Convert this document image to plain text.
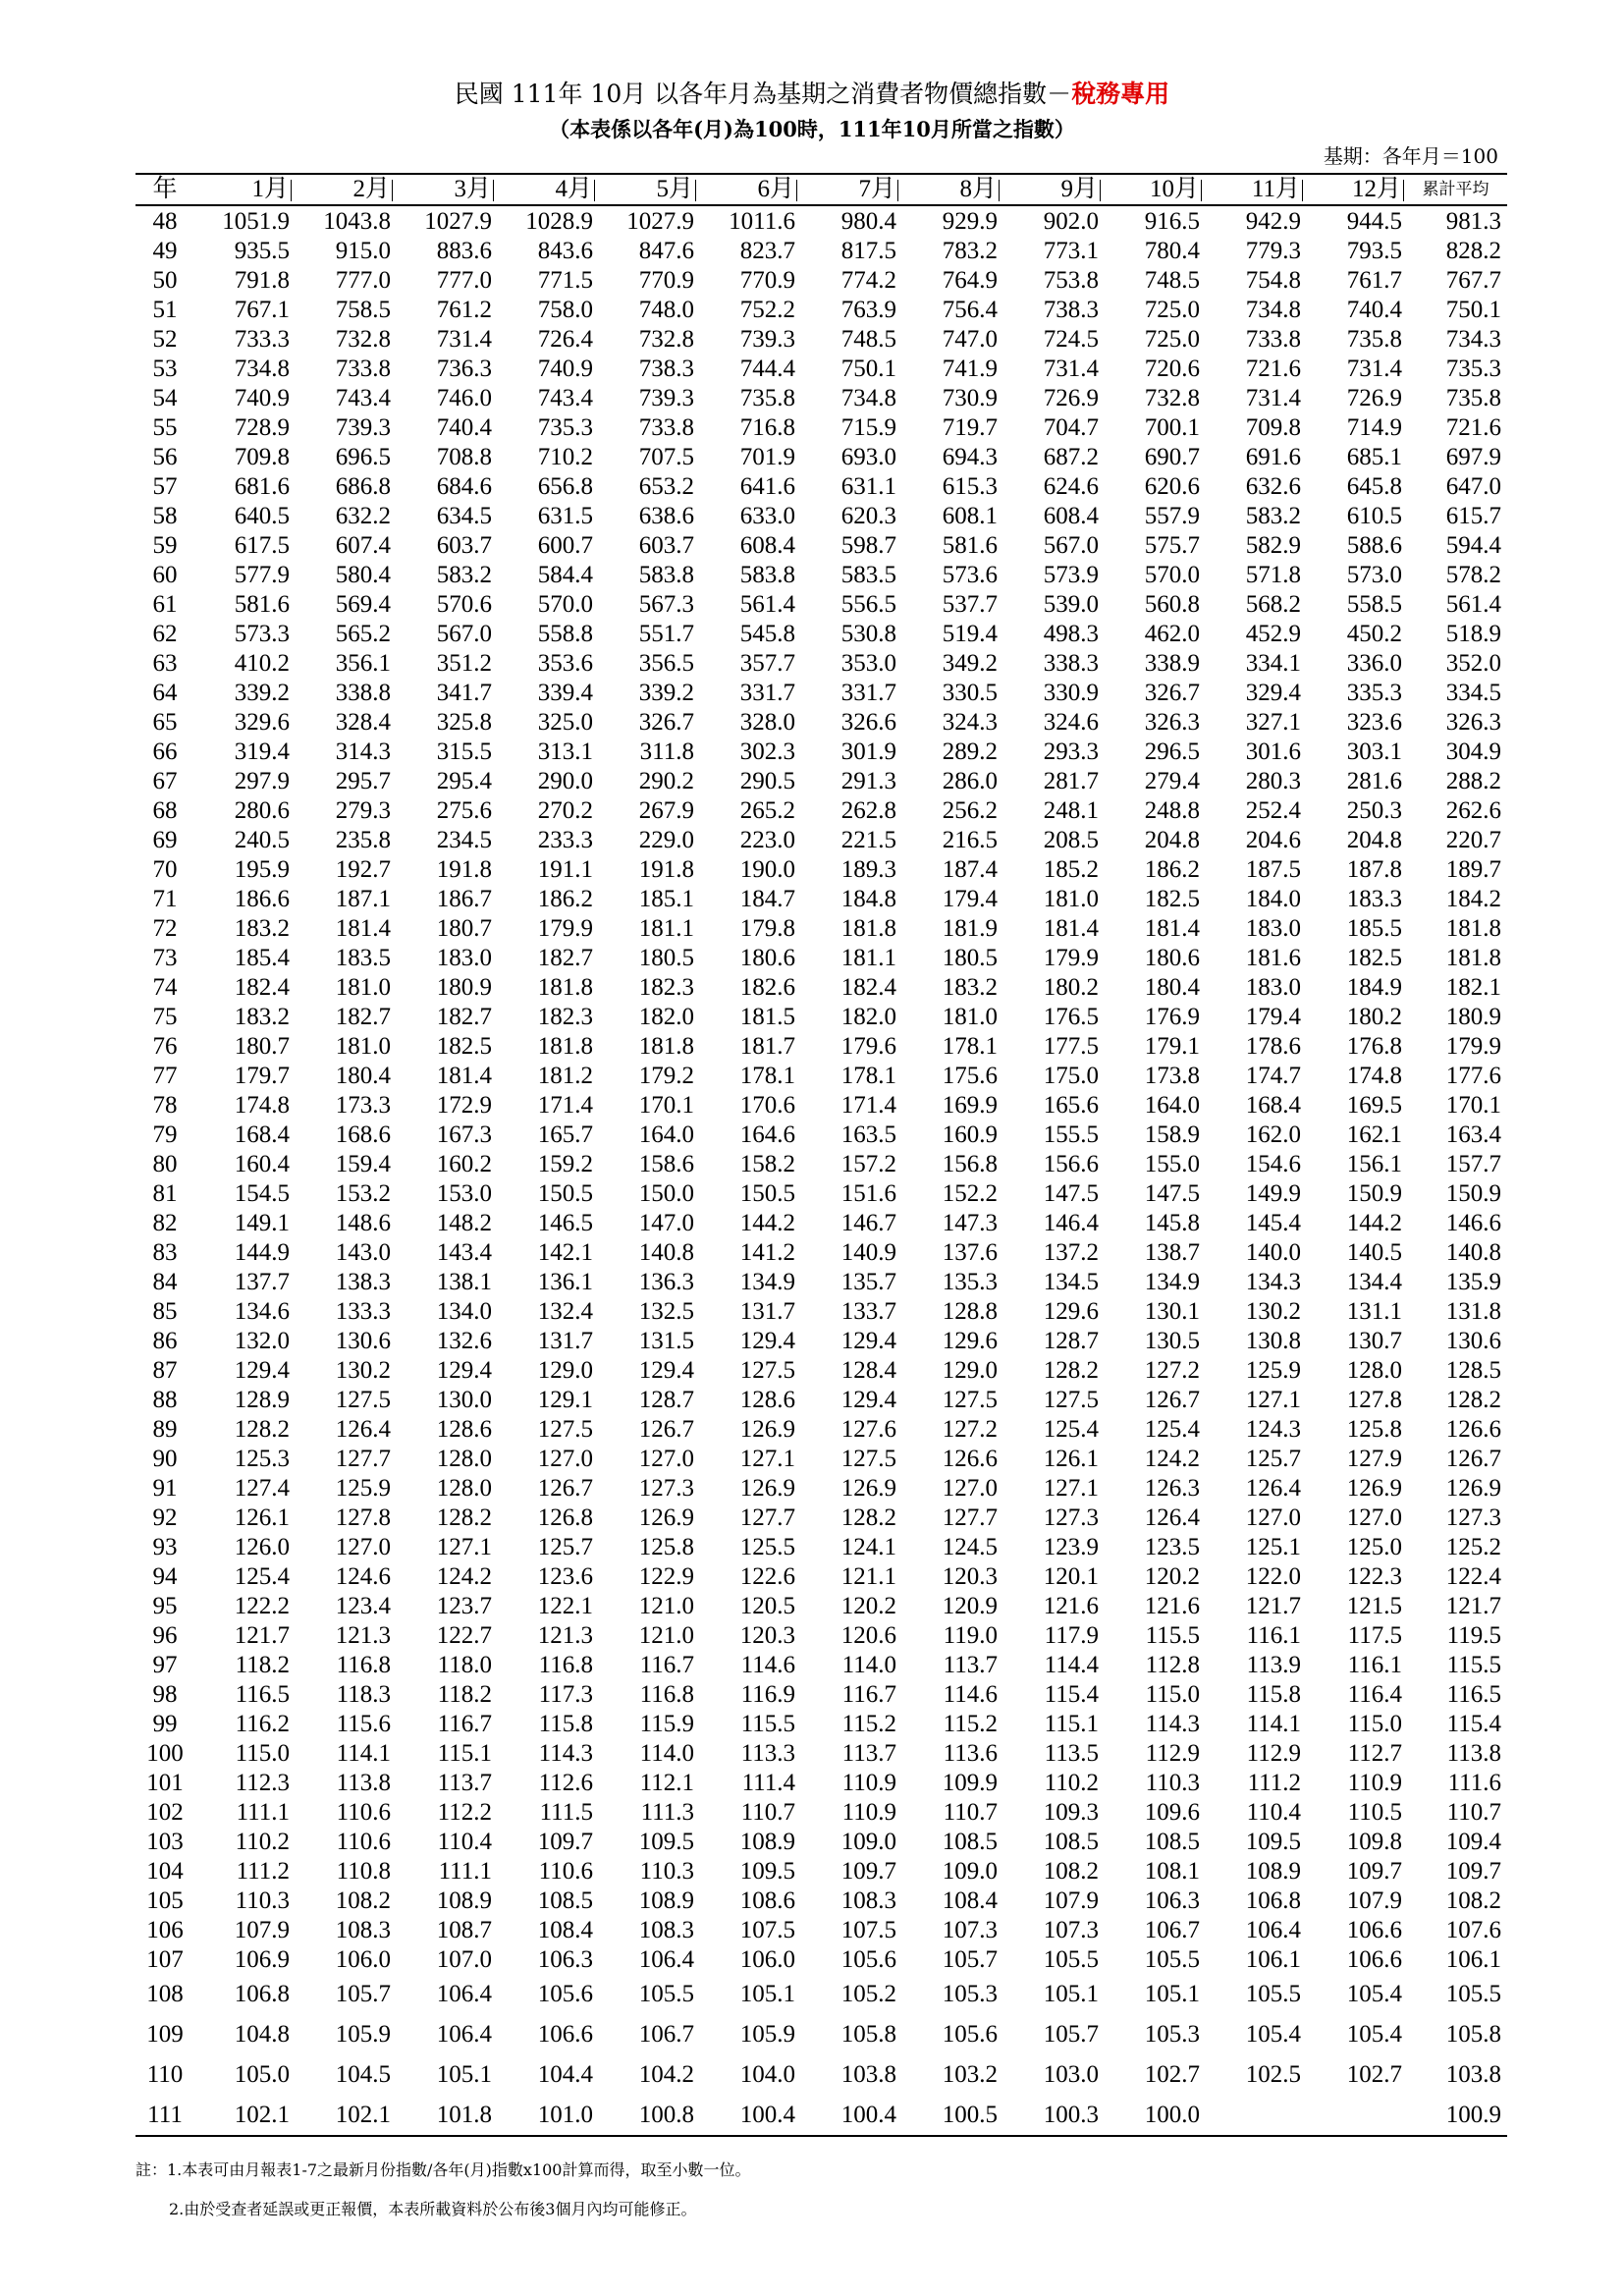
民國 111年 10月 以各年月為基期之消費者物價總指數－稅務專用
（本表係以各年(月)為100時，111年10月所當之指數）
基期：各年月＝100
年	1月	2月	3月	4月	5月	6月	7月	8月	9月	10月	11月	12月	累計平均
48	1051.9	1043.8	1027.9	1028.9	1027.9	1011.6	980.4	929.9	902.0	916.5	942.9	944.5	981.3
49	935.5	915.0	883.6	843.6	847.6	823.7	817.5	783.2	773.1	780.4	779.3	793.5	828.2
50	791.8	777.0	777.0	771.5	770.9	770.9	774.2	764.9	753.8	748.5	754.8	761.7	767.7
51	767.1	758.5	761.2	758.0	748.0	752.2	763.9	756.4	738.3	725.0	734.8	740.4	750.1
52	733.3	732.8	731.4	726.4	732.8	739.3	748.5	747.0	724.5	725.0	733.8	735.8	734.3
53	734.8	733.8	736.3	740.9	738.3	744.4	750.1	741.9	731.4	720.6	721.6	731.4	735.3
54	740.9	743.4	746.0	743.4	739.3	735.8	734.8	730.9	726.9	732.8	731.4	726.9	735.8
55	728.9	739.3	740.4	735.3	733.8	716.8	715.9	719.7	704.7	700.1	709.8	714.9	721.6
56	709.8	696.5	708.8	710.2	707.5	701.9	693.0	694.3	687.2	690.7	691.6	685.1	697.9
57	681.6	686.8	684.6	656.8	653.2	641.6	631.1	615.3	624.6	620.6	632.6	645.8	647.0
58	640.5	632.2	634.5	631.5	638.6	633.0	620.3	608.1	608.4	557.9	583.2	610.5	615.7
59	617.5	607.4	603.7	600.7	603.7	608.4	598.7	581.6	567.0	575.7	582.9	588.6	594.4
60	577.9	580.4	583.2	584.4	583.8	583.8	583.5	573.6	573.9	570.0	571.8	573.0	578.2
61	581.6	569.4	570.6	570.0	567.3	561.4	556.5	537.7	539.0	560.8	568.2	558.5	561.4
62	573.3	565.2	567.0	558.8	551.7	545.8	530.8	519.4	498.3	462.0	452.9	450.2	518.9
63	410.2	356.1	351.2	353.6	356.5	357.7	353.0	349.2	338.3	338.9	334.1	336.0	352.0
64	339.2	338.8	341.7	339.4	339.2	331.7	331.7	330.5	330.9	326.7	329.4	335.3	334.5
65	329.6	328.4	325.8	325.0	326.7	328.0	326.6	324.3	324.6	326.3	327.1	323.6	326.3
66	319.4	314.3	315.5	313.1	311.8	302.3	301.9	289.2	293.3	296.5	301.6	303.1	304.9
67	297.9	295.7	295.4	290.0	290.2	290.5	291.3	286.0	281.7	279.4	280.3	281.6	288.2
68	280.6	279.3	275.6	270.2	267.9	265.2	262.8	256.2	248.1	248.8	252.4	250.3	262.6
69	240.5	235.8	234.5	233.3	229.0	223.0	221.5	216.5	208.5	204.8	204.6	204.8	220.7
70	195.9	192.7	191.8	191.1	191.8	190.0	189.3	187.4	185.2	186.2	187.5	187.8	189.7
71	186.6	187.1	186.7	186.2	185.1	184.7	184.8	179.4	181.0	182.5	184.0	183.3	184.2
72	183.2	181.4	180.7	179.9	181.1	179.8	181.8	181.9	181.4	181.4	183.0	185.5	181.8
73	185.4	183.5	183.0	182.7	180.5	180.6	181.1	180.5	179.9	180.6	181.6	182.5	181.8
74	182.4	181.0	180.9	181.8	182.3	182.6	182.4	183.2	180.2	180.4	183.0	184.9	182.1
75	183.2	182.7	182.7	182.3	182.0	181.5	182.0	181.0	176.5	176.9	179.4	180.2	180.9
76	180.7	181.0	182.5	181.8	181.8	181.7	179.6	178.1	177.5	179.1	178.6	176.8	179.9
77	179.7	180.4	181.4	181.2	179.2	178.1	178.1	175.6	175.0	173.8	174.7	174.8	177.6
78	174.8	173.3	172.9	171.4	170.1	170.6	171.4	169.9	165.6	164.0	168.4	169.5	170.1
79	168.4	168.6	167.3	165.7	164.0	164.6	163.5	160.9	155.5	158.9	162.0	162.1	163.4
80	160.4	159.4	160.2	159.2	158.6	158.2	157.2	156.8	156.6	155.0	154.6	156.1	157.7
81	154.5	153.2	153.0	150.5	150.0	150.5	151.6	152.2	147.5	147.5	149.9	150.9	150.9
82	149.1	148.6	148.2	146.5	147.0	144.2	146.7	147.3	146.4	145.8	145.4	144.2	146.6
83	144.9	143.0	143.4	142.1	140.8	141.2	140.9	137.6	137.2	138.7	140.0	140.5	140.8
84	137.7	138.3	138.1	136.1	136.3	134.9	135.7	135.3	134.5	134.9	134.3	134.4	135.9
85	134.6	133.3	134.0	132.4	132.5	131.7	133.7	128.8	129.6	130.1	130.2	131.1	131.8
86	132.0	130.6	132.6	131.7	131.5	129.4	129.4	129.6	128.7	130.5	130.8	130.7	130.6
87	129.4	130.2	129.4	129.0	129.4	127.5	128.4	129.0	128.2	127.2	125.9	128.0	128.5
88	128.9	127.5	130.0	129.1	128.7	128.6	129.4	127.5	127.5	126.7	127.1	127.8	128.2
89	128.2	126.4	128.6	127.5	126.7	126.9	127.6	127.2	125.4	125.4	124.3	125.8	126.6
90	125.3	127.7	128.0	127.0	127.0	127.1	127.5	126.6	126.1	124.2	125.7	127.9	126.7
91	127.4	125.9	128.0	126.7	127.3	126.9	126.9	127.0	127.1	126.3	126.4	126.9	126.9
92	126.1	127.8	128.2	126.8	126.9	127.7	128.2	127.7	127.3	126.4	127.0	127.0	127.3
93	126.0	127.0	127.1	125.7	125.8	125.5	124.1	124.5	123.9	123.5	125.1	125.0	125.2
94	125.4	124.6	124.2	123.6	122.9	122.6	121.1	120.3	120.1	120.2	122.0	122.3	122.4
95	122.2	123.4	123.7	122.1	121.0	120.5	120.2	120.9	121.6	121.6	121.7	121.5	121.7
96	121.7	121.3	122.7	121.3	121.0	120.3	120.6	119.0	117.9	115.5	116.1	117.5	119.5
97	118.2	116.8	118.0	116.8	116.7	114.6	114.0	113.7	114.4	112.8	113.9	116.1	115.5
98	116.5	118.3	118.2	117.3	116.8	116.9	116.7	114.6	115.4	115.0	115.8	116.4	116.5
99	116.2	115.6	116.7	115.8	115.9	115.5	115.2	115.2	115.1	114.3	114.1	115.0	115.4
100	115.0	114.1	115.1	114.3	114.0	113.3	113.7	113.6	113.5	112.9	112.9	112.7	113.8
101	112.3	113.8	113.7	112.6	112.1	111.4	110.9	109.9	110.2	110.3	111.2	110.9	111.6
102	111.1	110.6	112.2	111.5	111.3	110.7	110.9	110.7	109.3	109.6	110.4	110.5	110.7
103	110.2	110.6	110.4	109.7	109.5	108.9	109.0	108.5	108.5	108.5	109.5	109.8	109.4
104	111.2	110.8	111.1	110.6	110.3	109.5	109.7	109.0	108.2	108.1	108.9	109.7	109.7
105	110.3	108.2	108.9	108.5	108.9	108.6	108.3	108.4	107.9	106.3	106.8	107.9	108.2
106	107.9	108.3	108.7	108.4	108.3	107.5	107.5	107.3	107.3	106.7	106.4	106.6	107.6
107	106.9	106.0	107.0	106.3	106.4	106.0	105.6	105.7	105.5	105.5	106.1	106.6	106.1
108	106.8	105.7	106.4	105.6	105.5	105.1	105.2	105.3	105.1	105.1	105.5	105.4	105.5
109	104.8	105.9	106.4	106.6	106.7	105.9	105.8	105.6	105.7	105.3	105.4	105.4	105.8
110	105.0	104.5	105.1	104.4	104.2	104.0	103.8	103.2	103.0	102.7	102.5	102.7	103.8
111	102.1	102.1	101.8	101.0	100.8	100.4	100.4	100.5	100.3	100.0			100.9
註：1.本表可由月報表1-7之最新月份指數/各年(月)指數x100計算而得，取至小數一位。
2.由於受查者延誤或更正報價，本表所載資料於公布後3個月內均可能修正。
